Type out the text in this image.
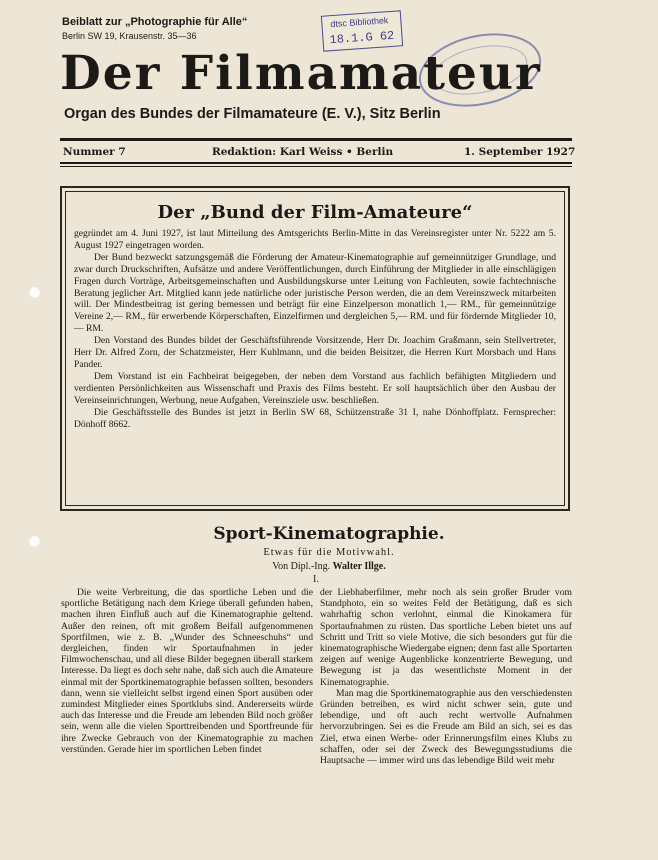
Beiblatt zur „Photographie für Alle“
Berlin SW 19, Krausenstr. 35—36
dtsc Bibliothek
18.1.G 62
Der Filmamateur
Organ des Bundes der Filmamateure (E. V.), Sitz Berlin
Nummer 7	Redaktion: Karl Weiss • Berlin	1. September 1927
Der „Bund der Film-Amateure“

gegründet am 4. Juni 1927, ist laut Mitteilung des Amtsgerichts Berlin-Mitte in das Vereinsregister unter Nr. 5222 am 5. August 1927 eingetragen worden.

Der Bund bezweckt satzungsgemäß die Förderung der Amateur-Kinematographie auf gemeinnütziger Grundlage, und zwar durch Druckschriften, Aufsätze und andere Veröffentlichungen, durch Einführung der Mitglieder in alle einschlägigen Fragen durch Vorträge, Arbeitsgemeinschaften und Ausbildungskurse unter Leitung von Fachleuten, sowie fachtechnische Beratung jeglicher Art. Mitglied kann jede natürliche oder juristische Person werden, die an dem Vereinszweck mitarbeiten will. Der Mindestbeitrag ist gering bemessen und beträgt für eine Einzelperson monatlich 1,— RM., für gemeinnützige Vereine 2,— RM., für erwerbende Körperschaften, Einzelfirmen und dergleichen 5,— RM. und für fördernde Mitglieder 10,— RM.

Den Vorstand des Bundes bildet der Geschäftsführende Vorsitzende, Herr Dr. Joachim Graßmann, sein Stellvertreter, Herr Dr. Alfred Zorn, der Schatzmeister, Herr Kuhlmann, und die beiden Beisitzer, die Herren Kurt Morsbach und Hans Pander.

Dem Vorstand ist ein Fachbeirat beigegeben, der neben dem Vorstand aus fachlich befähigten Mitgliedern und verdienten Persönlichkeiten aus Wissenschaft und Praxis des Films besteht. Er soll hauptsächlich über den Ausbau der Vereinseinrichtungen, Werbung, neue Aufgaben, Vereinsziele usw. beschließen.

Die Geschäftsstelle des Bundes ist jetzt in Berlin SW 68, Schützenstraße 31 I, nahe Dönhoffplatz. Fernsprecher: Dönhoff 8662.

Sport-Kinematographie.
Etwas für die Motivwahl.
Von Dipl.-Ing. Walter Illge.
I.

Die weite Verbreitung, die das sportliche Leben und die sportliche Betätigung nach dem Kriege überall gefunden haben, machen ihren Einfluß auch auf die Kinematographie geltend. Außer den reinen, oft mit großem Beifall aufgenommenen Sportfilmen, wie z. B. „Wunder des Schneeschuhs“ und dergleichen, finden wir Sportaufnahmen in jeder Filmwochenschau, und all diese Bilder begegnen überall starkem Interesse. Da liegt es doch sehr nahe, daß sich auch die Amateure einmal mit der Sportkinematographie befassen sollten, besonders dann, wenn sie vielleicht selbst irgend einen Sport ausüben oder zumindest Mitglieder eines Sportklubs sind. Andererseits würde auch das Interesse und die Freude am lebenden Bild noch größer sein, wenn alle die vielen Sporttreibenden und Sportfreunde für ihre Zwecke Gebrauch von der Kinematographie zu machen verstünden. Gerade hier im sportlichen Leben findet

der Liebhaberfilmer, mehr noch als sein großer Bruder vom Standphoto, ein so weites Feld der Betätigung, daß es sich wahrhaftig schon verlohnt, einmal die Kinokamera für Sportaufnahmen zu rüsten. Das sportliche Leben bietet uns auf Schritt und Tritt so viele Motive, die sich besonders gut für die kinematographische Wiedergabe eignen; denn fast alle Sportarten zeigen auf wenige Augenblicke konzentrierte Bewegung, und Bewegung ist ja das wesentlichste Moment in der Kinematographie.

Man mag die Sportkinematographie aus den verschiedensten Gründen betreiben, es wird nicht schwer sein, gute und lebendige, und oft auch recht wertvolle Aufnahmen hervorzubringen. Sei es die Freude am Bild an sich, sei es das Ziel, etwa einen Werbe- oder Erinnerungsfilm eines Klubs zu schaffen, oder sei der Zweck des Bewegungsstudiums die Hauptsache — immer wird uns das lebendige Bild weit mehr
